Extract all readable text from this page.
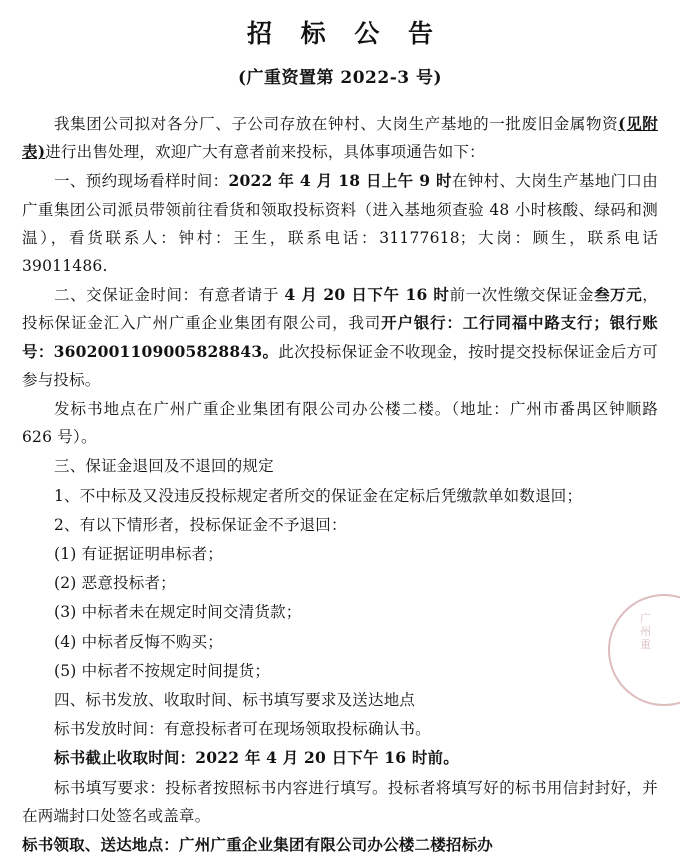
招 标 公 告
(广重资置第 2022-3 号)

我集团公司拟对各分厂、子公司存放在钟村、大岗生产基地的一批废旧金属物资(见附表)进行出售处理，欢迎广大有意者前来投标，具体事项通告如下：

一、预约现场看样时间：2022 年 4 月 18 日上午 9 时在钟村、大岗生产基地门口由广重集团公司派员带领前往看货和领取投标资料（进入基地须查验 48 小时核酸、绿码和测温），看货联系人：钟村：王生，联系电话：31177618；大岗：顾生，联系电话 39011486.

二、交保证金时间：有意者请于 4 月 20 日下午 16 时前一次性缴交保证金叁万元，投标保证金汇入广州广重企业集团有限公司，我司开户银行：工行同福中路支行；银行账号：3602001109005828843。此次投标保证金不收现金，按时提交投标保证金后方可参与投标。

发标书地点在广州广重企业集团有限公司办公楼二楼。（地址：广州市番禺区钟顺路 626 号）。

三、保证金退回及不退回的规定

1、不中标及又没违反投标规定者所交的保证金在定标后凭缴款单如数退回；

2、有以下情形者，投标保证金不予退回：

(1) 有证据证明串标者；

(2) 恶意投标者；

(3) 中标者未在规定时间交清货款；

(4) 中标者反悔不购买；

(5) 中标者不按规定时间提货；

四、标书发放、收取时间、标书填写要求及送达地点

标书发放时间：有意投标者可在现场领取投标确认书。

标书截止收取时间：2022 年 4 月 20 日下午 16 时前。

标书填写要求：投标者按照标书内容进行填写。投标者将填写好的标书用信封封好，并在两端封口处签名或盖章。

标书领取、送达地点：广州广重企业集团有限公司办公楼二楼招标办

广
州
重
